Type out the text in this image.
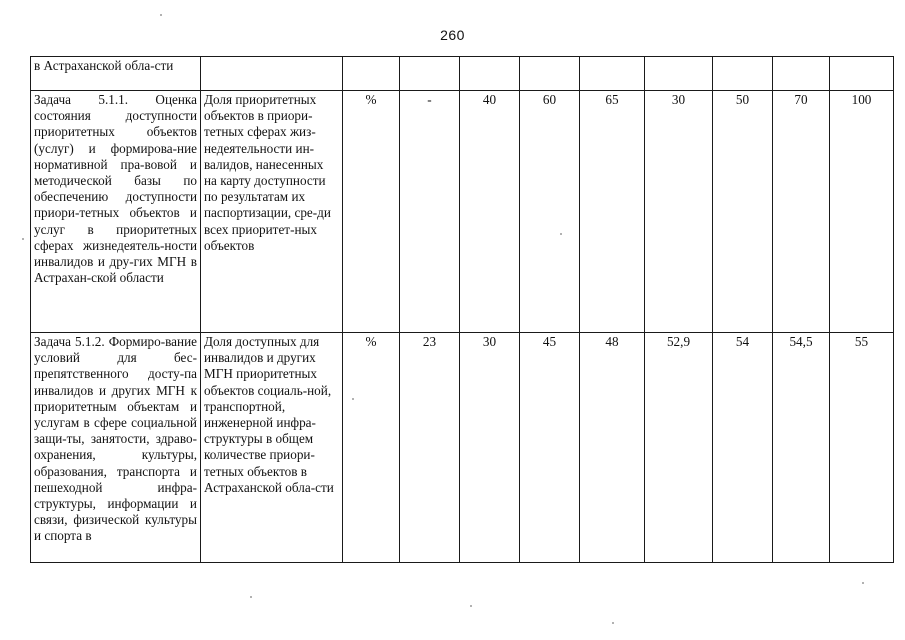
260
в Астраханской обла-сти										
Задача 5.1.1. Оценка состояния доступности приоритетных объектов (услуг) и формирова-ние нормативной пра-вовой и методической базы по обеспечению доступности приори-тетных объектов и услуг в приоритетных сферах жизнедеятель-ности инвалидов и дру-гих МГН в Астрахан-ской области	Доля приоритетных объектов в приори-тетных сферах жиз-недеятельности ин-валидов, нанесенных на карту доступности по результатам их паспортизации, сре-ди всех приоритет-ных объектов	%	-	40	60	65	30	50	70	100
Задача 5.1.2. Формиро-вание условий для бес-препятственного досту-па инвалидов и других МГН к приоритетным объектам и услугам в сфере социальной защи-ты, занятости, здраво-охранения, культуры, образования, транспорта и пешеходной инфра-структуры, информации и связи, физической культуры и спорта в	Доля доступных для инвалидов и других МГН приоритетных объектов социаль-ной, транспортной, инженерной инфра-структуры в общем количестве приори-тетных объектов в Астраханской обла-сти	%	23	30	45	48	52,9	54	54,5	55
